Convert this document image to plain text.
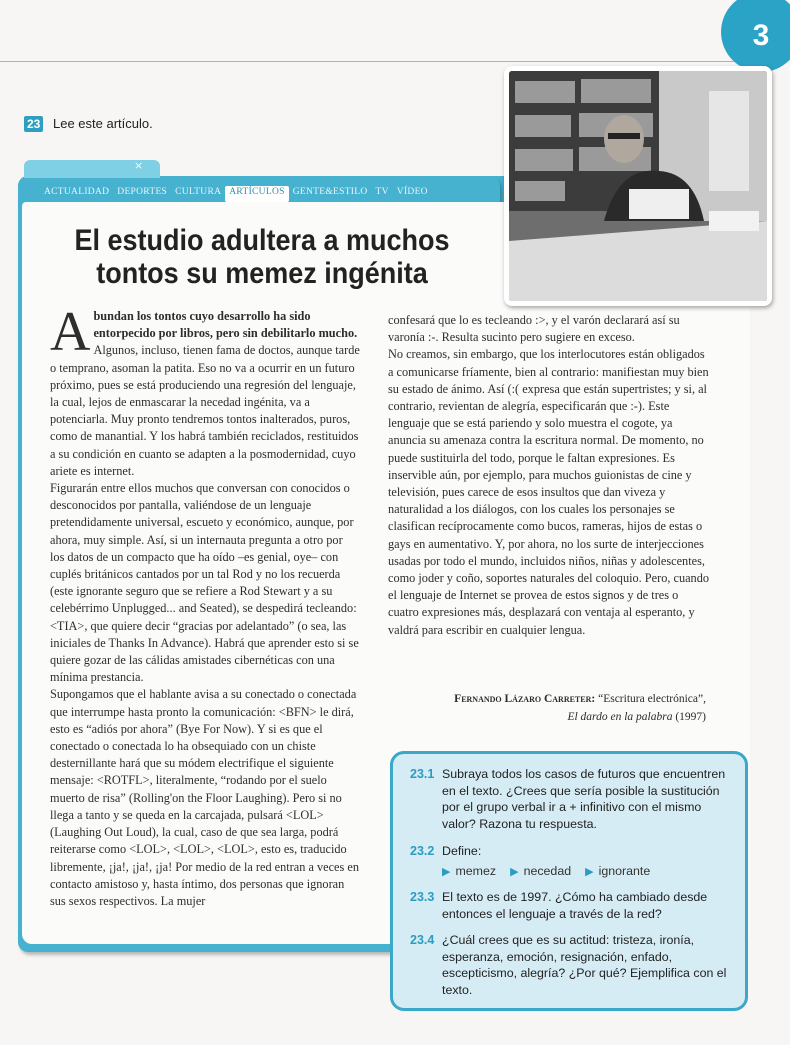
3
23 Lee este artículo.
×
ACTUALIDAD DEPORTES CULTURA ARTÍCULOS GENTE&ESTILO TV VÍDEO
El estudio adultera a muchos
tontos su memez ingénita

Abundan los tontos cuyo desarrollo ha sido entorpecido por libros, pero sin debilitarlo mucho. Algunos, incluso, tienen fama de doctos, aunque tarde o temprano, asoman la patita. Eso no va a ocurrir en un futuro próximo, pues se está produciendo una regresión del lenguaje, la cual, lejos de enmascarar la necedad ingénita, va a potenciarla. Muy pronto tendremos tontos inalterados, puros, como de manantial. Y los habrá también reciclados, restituidos a su condición en cuanto se adapten a la posmodernidad, cuyo ariete es internet.

Figurarán entre ellos muchos que conversan con conocidos o desconocidos por pantalla, valiéndose de un lenguaje pretendidamente universal, escueto y económico, aunque, por ahora, muy simple. Así, si un internauta pregunta a otro por los datos de un compacto que ha oído –es genial, oye– con cuplés británicos cantados por un tal Rod y no los recuerda (este ignorante seguro que se refiere a Rod Stewart y a su celebérrimo Unplugged... and Seated), se despedirá tecleando: <TIA>, que quiere decir “gracias por adelantado” (o sea, las iniciales de Thanks In Advance). Habrá que aprender esto si se quiere gozar de las cálidas amistades cibernéticas con una mínima prestancia.

Supongamos que el hablante avisa a su conectado o conectada que interrumpe hasta pronto la comunicación: <BFN> le dirá, esto es “adiós por ahora” (Bye For Now). Y si es que el conectado o conectada lo ha obsequiado con un chiste desternillante hará que su módem electrifique el siguiente mensaje: <ROTFL>, literalmente, “rodando por el suelo muerto de risa” (Rolling'on the Floor Laughing). Pero si no llega a tanto y se queda en la carcajada, pulsará <LOL> (Laughing Out Loud), la cual, caso de que sea larga, podrá reiterarse como <LOL>, <LOL>, <LOL>, esto es, traducido libremente, ¡ja!, ¡ja!, ¡ja! Por medio de la red entran a veces en contacto amistoso y, hasta íntimo, dos personas que ignoran sus sexos respectivos. La mujer

confesará que lo es tecleando :>, y el varón declarará así su varonía :-. Resulta sucinto pero sugiere en exceso.

No creamos, sin embargo, que los interlocutores están obligados a comunicarse fríamente, bien al contrario: manifiestan muy bien su estado de ánimo. Así (:( expresa que están supertristes; y si, al contrario, revientan de alegría, especificarán que :-). Este lenguaje que se está pariendo y solo muestra el cogote, ya anuncia su amenaza contra la escritura normal. De momento, no puede sustituirla del todo, porque le faltan expresiones. Es inservible aún, por ejemplo, para muchos guionistas de cine y televisión, pues carece de esos insultos que dan viveza y naturalidad a los diálogos, con los cuales los personajes se clasifican recíprocamente como bucos, rameras, hijos de estas o gays en aumentativo. Y, por ahora, no los surte de interjecciones usadas por todo el mundo, incluidos niños, niñas y adolescentes, como joder y coño, soportes naturales del coloquio. Pero, cuando el lenguaje de Internet se provea de estos signos y de tres o cuatro expresiones más, desplazará con ventaja al esperanto, y valdrá para escribir en cualquier lengua.

Fernando Lázaro Carreter: “Escritura electrónica”,
El dardo en la palabra (1997)
23.1 Subraya todos los casos de futuros que encuentren en el texto. ¿Crees que sería posible la sustitución por el grupo verbal ir a + infinitivo con el mismo valor? Razona tu respuesta.
23.2 Define:
▶ memez ▶ necedad ▶ ignorante
23.3 El texto es de 1997. ¿Cómo ha cambiado desde entonces el lenguaje a través de la red?
23.4 ¿Cuál crees que es su actitud: tristeza, ironía, esperanza, emoción, resignación, enfado, escepticismo, alegría? ¿Por qué? Ejemplifica con el texto.
